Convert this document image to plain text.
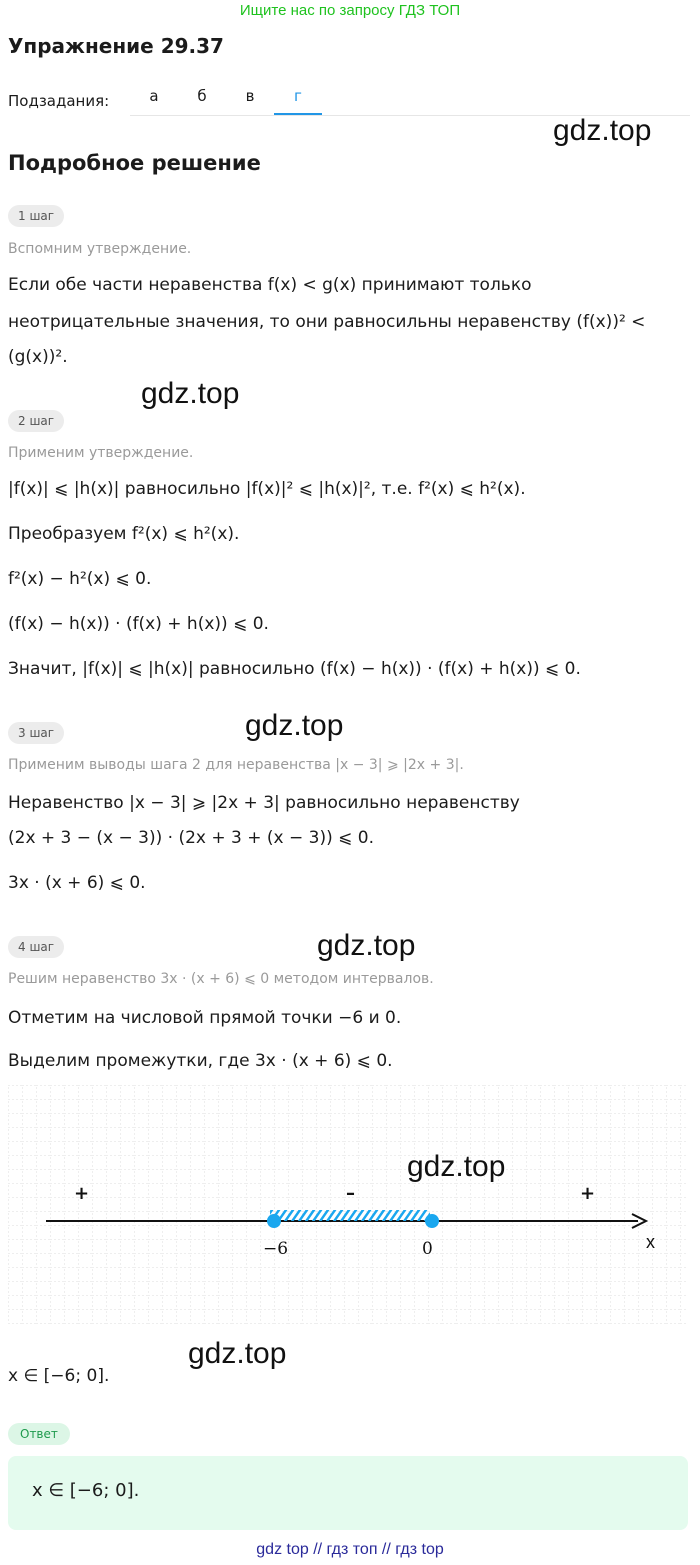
Ищите нас по запросу ГДЗ ТОП
Упражнение 29.37
Подзадания:	а	б	в	г
gdz.top
Подробное решение
1 шаг
Вспомним утверждение.
Если обе части неравенства f(x) < g(x) принимают только
неотрицательные значения, то они равносильны неравенству (f(x))² <
(g(x))².
gdz.top
2 шаг
Применим утверждение.
|f(x)| ⩽ |h(x)| равносильно |f(x)|² ⩽ |h(x)|², т.е. f²(x) ⩽ h²(x).
Преобразуем f²(x) ⩽ h²(x).
f²(x) − h²(x) ⩽ 0.
(f(x) − h(x)) · (f(x) + h(x)) ⩽ 0.
Значит, |f(x)| ⩽ |h(x)| равносильно (f(x) − h(x)) · (f(x) + h(x)) ⩽ 0.
gdz.top
3 шаг
Применим выводы шага 2 для неравенства |x − 3| ⩾ |2x + 3|.
Неравенство |x − 3| ⩾ |2x + 3| равносильно неравенству
(2x + 3 − (x − 3)) · (2x + 3 + (x − 3)) ⩽ 0.
3x · (x + 6) ⩽ 0.
gdz.top
4 шаг
Решим неравенство 3x · (x + 6) ⩽ 0 методом интервалов.
Отметим на числовой прямой точки −6 и 0.
Выделим промежутки, где 3x · (x + 6) ⩽ 0.
−6	0	x
+	–	+
gdz.top
gdz.top
x ∈ [−6; 0].
Ответ
x ∈ [−6; 0].
gdz top // гдз топ // гдз top
